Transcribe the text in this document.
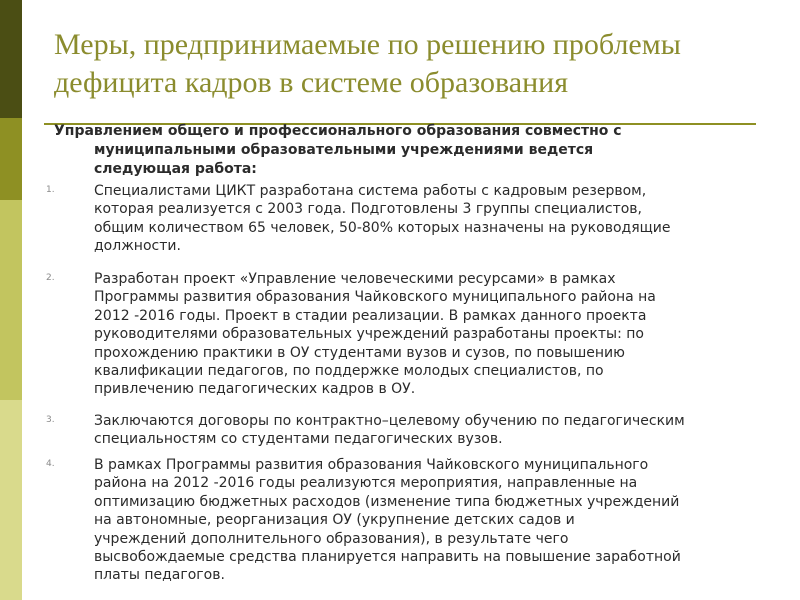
Меры, предпринимаемые по решению проблемы
дефицита кадров в системе образования
Управлением общего и профессионального образования совместно с
муниципальными образовательными учреждениями ведется
следующая работа:
1.	Специалистами ЦИКТ разработана система работы с кадровым резервом,
которая реализуется с 2003 года. Подготовлены 3 группы специалистов,
общим количеством 65 человек, 50-80% которых назначены на руководящие
должности.
2.	Разработан проект «Управление человеческими ресурсами» в рамках
Программы развития образования Чайковского муниципального района на
2012 -2016 годы. Проект в стадии реализации. В рамках данного проекта
руководителями образовательных учреждений разработаны проекты: по
прохождению практики в ОУ студентами вузов и сузов, по повышению
квалификации педагогов, по поддержке молодых специалистов, по
привлечению педагогических кадров в ОУ.
3.	Заключаются договоры по контрактно–целевому обучению по педагогическим
специальностям со студентами педагогических вузов.
4.	В рамках Программы развития образования Чайковского муниципального
района на 2012 -2016 годы реализуются мероприятия, направленные на
оптимизацию бюджетных расходов (изменение типа бюджетных учреждений
на автономные, реорганизация ОУ (укрупнение детских садов и
учреждений дополнительного образования), в результате чего
высвобождаемые средства планируется направить на повышение заработной
платы педагогов.
